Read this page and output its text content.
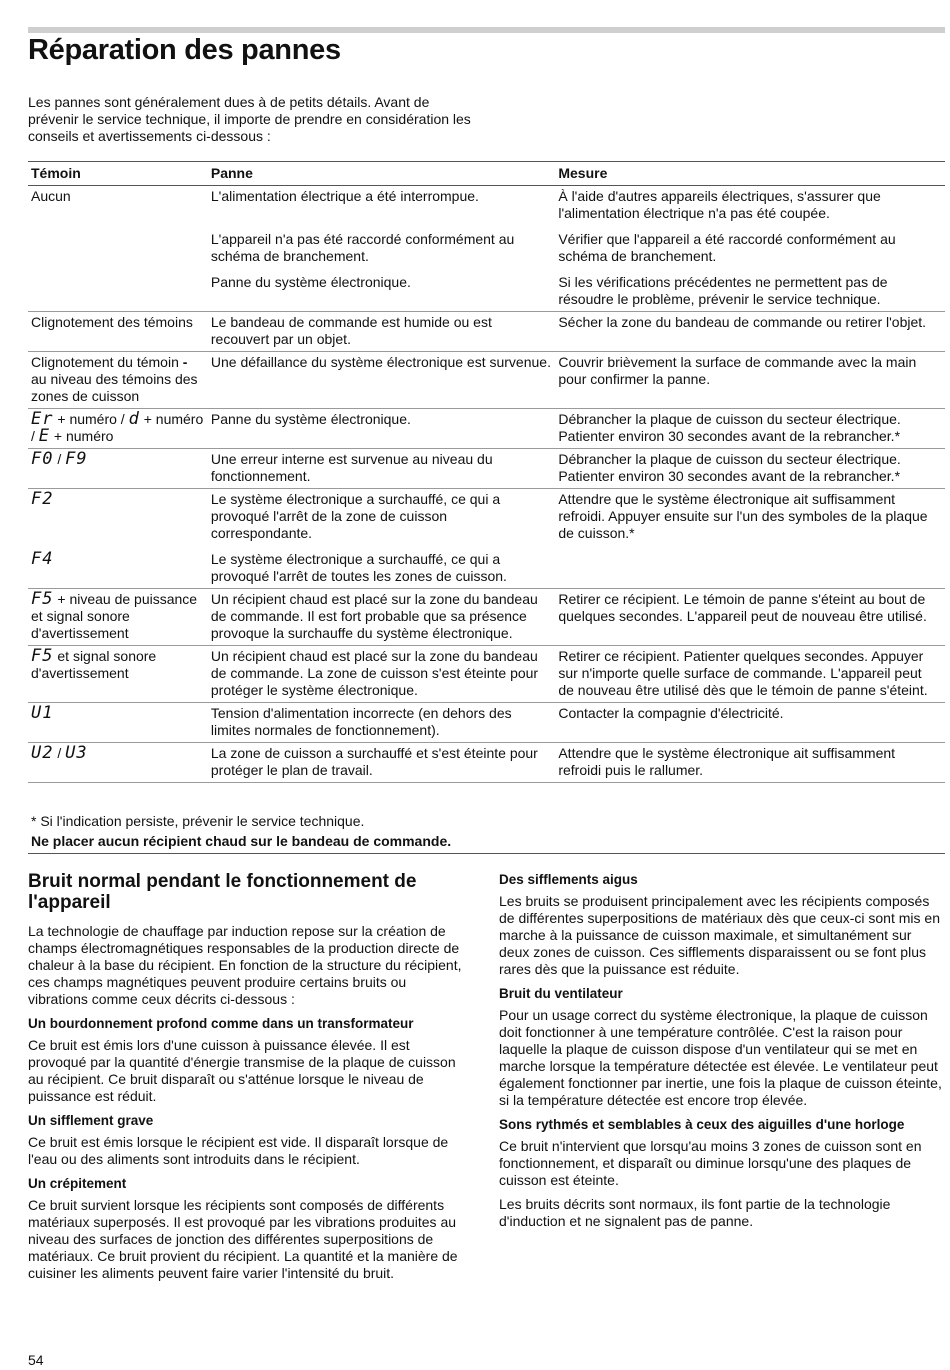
Réparation des pannes

Les pannes sont généralement dues à de petits détails. Avant de prévenir le service technique, il importe de prendre en considération les conseils et avertissements ci-dessous :

Témoin	Panne	Mesure
Aucun	L'alimentation électrique a été interrompue.	À l'aide d'autres appareils électriques, s'assurer que l'alimentation électrique n'a pas été coupée.
	L'appareil n'a pas été raccordé conformément au schéma de branchement.	Vérifier que l'appareil a été raccordé conformément au schéma de branchement.
	Panne du système électronique.	Si les vérifications précédentes ne permettent pas de résoudre le problème, prévenir le service technique.
Clignotement des témoins	Le bandeau de commande est humide ou est recouvert par un objet.	Sécher la zone du bandeau de commande ou retirer l'objet.
Clignotement du témoin - au niveau des témoins des zones de cuisson	Une défaillance du système électronique est survenue.	Couvrir brièvement la surface de commande avec la main pour confirmer la panne.
Er + numéro / d + numéro / E + numéro	Panne du système électronique.	Débrancher la plaque de cuisson du secteur électrique. Patienter environ 30 secondes avant de la rebrancher.*
F0 / F9	Une erreur interne est survenue au niveau du fonctionnement.	Débrancher la plaque de cuisson du secteur électrique. Patienter environ 30 secondes avant de la rebrancher.*
F2	Le système électronique a surchauffé, ce qui a provoqué l'arrêt de la zone de cuisson correspondante.	Attendre que le système électronique ait suffisamment refroidi. Appuyer ensuite sur l'un des symboles de la plaque de cuisson.*
F4	Le système électronique a surchauffé, ce qui a provoqué l'arrêt de toutes les zones de cuisson.	
F5 + niveau de puissance et signal sonore d'avertissement	Un récipient chaud est placé sur la zone du bandeau de commande. Il est fort probable que sa présence provoque la surchauffe du système électronique.	Retirer ce récipient. Le témoin de panne s'éteint au bout de quelques secondes. L'appareil peut de nouveau être utilisé.
F5 et signal sonore d'avertissement	Un récipient chaud est placé sur la zone du bandeau de commande. La zone de cuisson s'est éteinte pour protéger le système électronique.	Retirer ce récipient. Patienter quelques secondes. Appuyer sur n'importe quelle surface de commande. L'appareil peut de nouveau être utilisé dès que le témoin de panne s'éteint.
U1	Tension d'alimentation incorrecte (en dehors des limites normales de fonctionnement).	Contacter la compagnie d'électricité.
U2 / U3	La zone de cuisson a surchauffé et s'est éteinte pour protéger le plan de travail.	Attendre que le système électronique ait suffisamment refroidi puis le rallumer.

* Si l'indication persiste, prévenir le service technique.

Ne placer aucun récipient chaud sur le bandeau de commande.

Bruit normal pendant le fonctionnement de l'appareil

La technologie de chauffage par induction repose sur la création de champs électromagnétiques responsables de la production directe de chaleur à la base du récipient. En fonction de la structure du récipient, ces champs magnétiques peuvent produire certains bruits ou vibrations comme ceux décrits ci-dessous :

Un bourdonnement profond comme dans un transformateur

Ce bruit est émis lors d'une cuisson à puissance élevée. Il est provoqué par la quantité d'énergie transmise de la plaque de cuisson au récipient. Ce bruit disparaît ou s'atténue lorsque le niveau de puissance est réduit.

Un sifflement grave

Ce bruit est émis lorsque le récipient est vide. Il disparaît lorsque de l'eau ou des aliments sont introduits dans le récipient.

Un crépitement

Ce bruit survient lorsque les récipients sont composés de différents matériaux superposés. Il est provoqué par les vibrations produites au niveau des surfaces de jonction des différentes superpositions de matériaux. Ce bruit provient du récipient. La quantité et la manière de cuisiner les aliments peuvent faire varier l'intensité du bruit.

Des sifflements aigus

Les bruits se produisent principalement avec les récipients composés de différentes superpositions de matériaux dès que ceux-ci sont mis en marche à la puissance de cuisson maximale, et simultanément sur deux zones de cuisson. Ces sifflements disparaissent ou se font plus rares dès que la puissance est réduite.

Bruit du ventilateur

Pour un usage correct du système électronique, la plaque de cuisson doit fonctionner à une température contrôlée. C'est la raison pour laquelle la plaque de cuisson dispose d'un ventilateur qui se met en marche lorsque la température détectée est élevée. Le ventilateur peut également fonctionner par inertie, une fois la plaque de cuisson éteinte, si la température détectée est encore trop élevée.

Sons rythmés et semblables à ceux des aiguilles d'une horloge

Ce bruit n'intervient que lorsqu'au moins 3 zones de cuisson sont en fonctionnement, et disparaît ou diminue lorsqu'une des plaques de cuisson est éteinte.

Les bruits décrits sont normaux, ils font partie de la technologie d'induction et ne signalent pas de panne.

54
